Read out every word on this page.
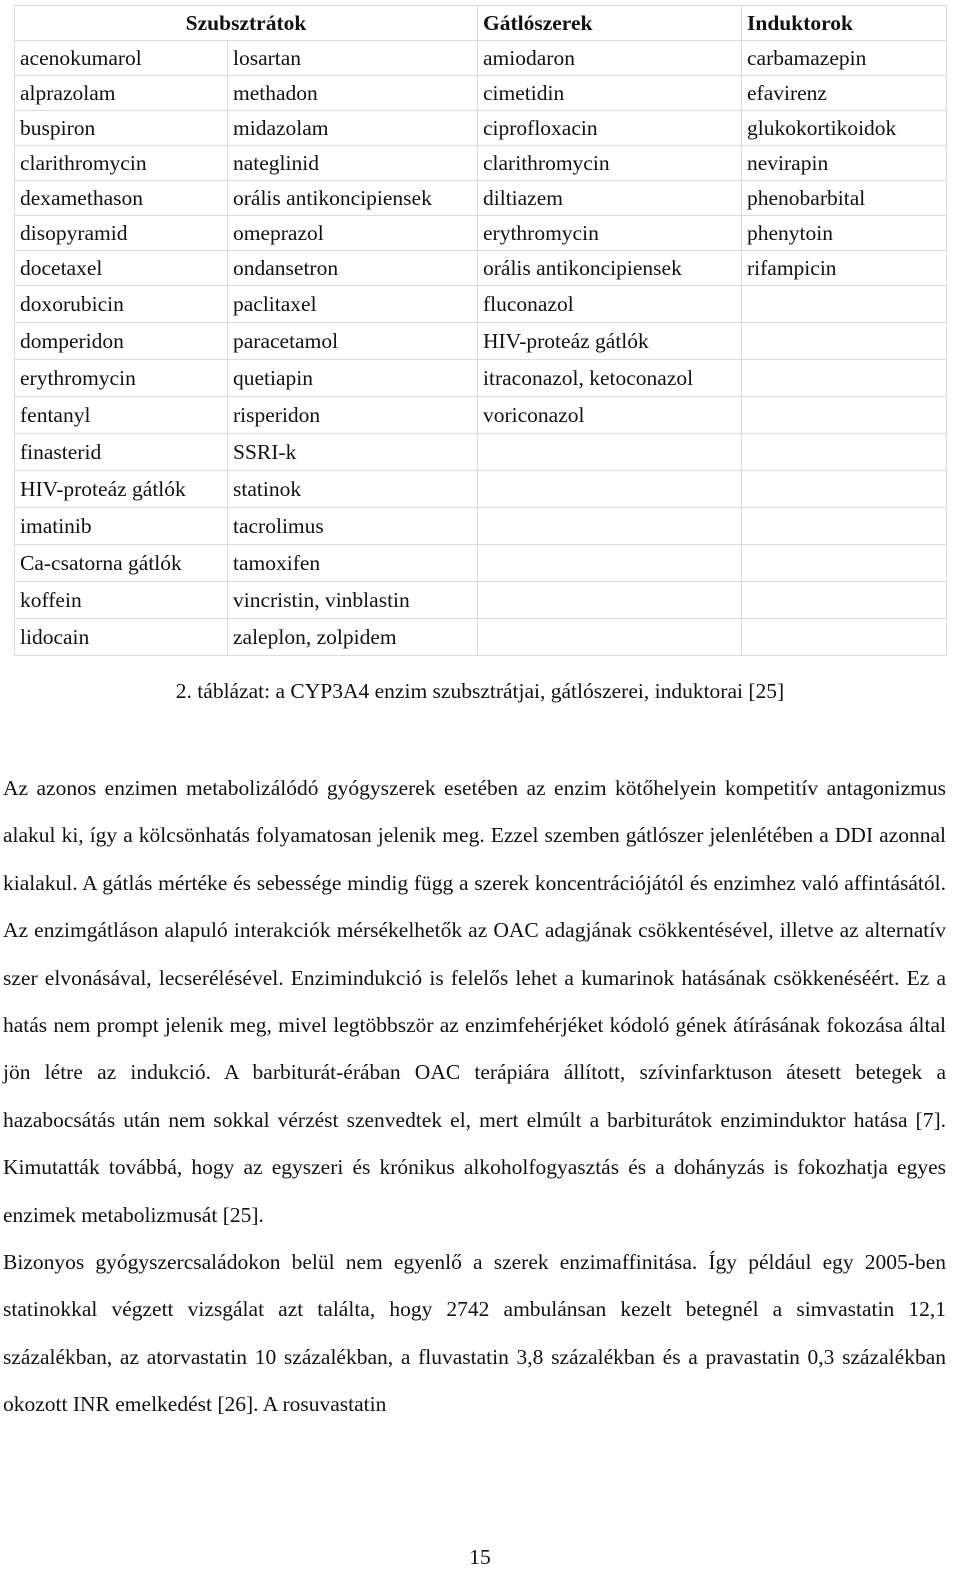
Szubsztrátok		Gátlószerek	Induktorok
acenokumarol	losartan	amiodaron	carbamazepin
alprazolam	methadon	cimetidin	efavirenz
buspiron	midazolam	ciprofloxacin	glukokortikoidok
clarithromycin	nateglinid	clarithromycin	nevirapin
dexamethason	orális antikoncipiensek	diltiazem	phenobarbital
disopyramid	omeprazol	erythromycin	phenytoin
docetaxel	ondansetron	orális antikoncipiensek	rifampicin
doxorubicin	paclitaxel	fluconazol	
domperidon	paracetamol	HIV-proteáz gátlók	
erythromycin	quetiapin	itraconazol, ketoconazol	
fentanyl	risperidon	voriconazol	
finasterid	SSRI-k		
HIV-proteáz gátlók	statinok		
imatinib	tacrolimus		
Ca-csatorna gátlók	tamoxifen		
koffein	vincristin, vinblastin		
lidocain	zaleplon, zolpidem		
2. táblázat: a CYP3A4 enzim szubsztrátjai, gátlószerei, induktorai [25]

Az azonos enzimen metabolizálódó gyógyszerek esetében az enzim kötőhelyein kompetitív antagonizmus alakul ki, így a kölcsönhatás folyamatosan jelenik meg. Ezzel szemben gátlószer jelenlétében a DDI azonnal kialakul. A gátlás mértéke és sebessége mindig függ a szerek koncentrációjától és enzimhez való affintásától. Az enzimgátláson alapuló interakciók mérsékelhetők az OAC adagjának csökkentésével, illetve az alternatív szer elvonásával, lecserélésével. Enzimindukció is felelős lehet a kumarinok hatásának csökkenéséért. Ez a hatás nem prompt jelenik meg, mivel legtöbbször az enzimfehérjéket kódoló gének átírásának fokozása által jön létre az indukció. A barbiturát-érában OAC terápiára állított, szívinfarktuson átesett betegek a hazabocsátás után nem sokkal vérzést szenvedtek el, mert elmúlt a barbiturátok enziminduktor hatása [7]. Kimutatták továbbá, hogy az egyszeri és krónikus alkoholfogyasztás és a dohányzás is fokozhatja egyes enzimek metabolizmusát [25].

Bizonyos gyógyszercsaládokon belül nem egyenlő a szerek enzimaffinitása. Így például egy 2005-ben statinokkal végzett vizsgálat azt találta, hogy 2742 ambulánsan kezelt betegnél a simvastatin 12,1 százalékban, az atorvastatin 10 százalékban, a fluvastatin 3,8 százalékban és a pravastatin 0,3 százalékban okozott INR emelkedést [26]. A rosuvastatin

15
